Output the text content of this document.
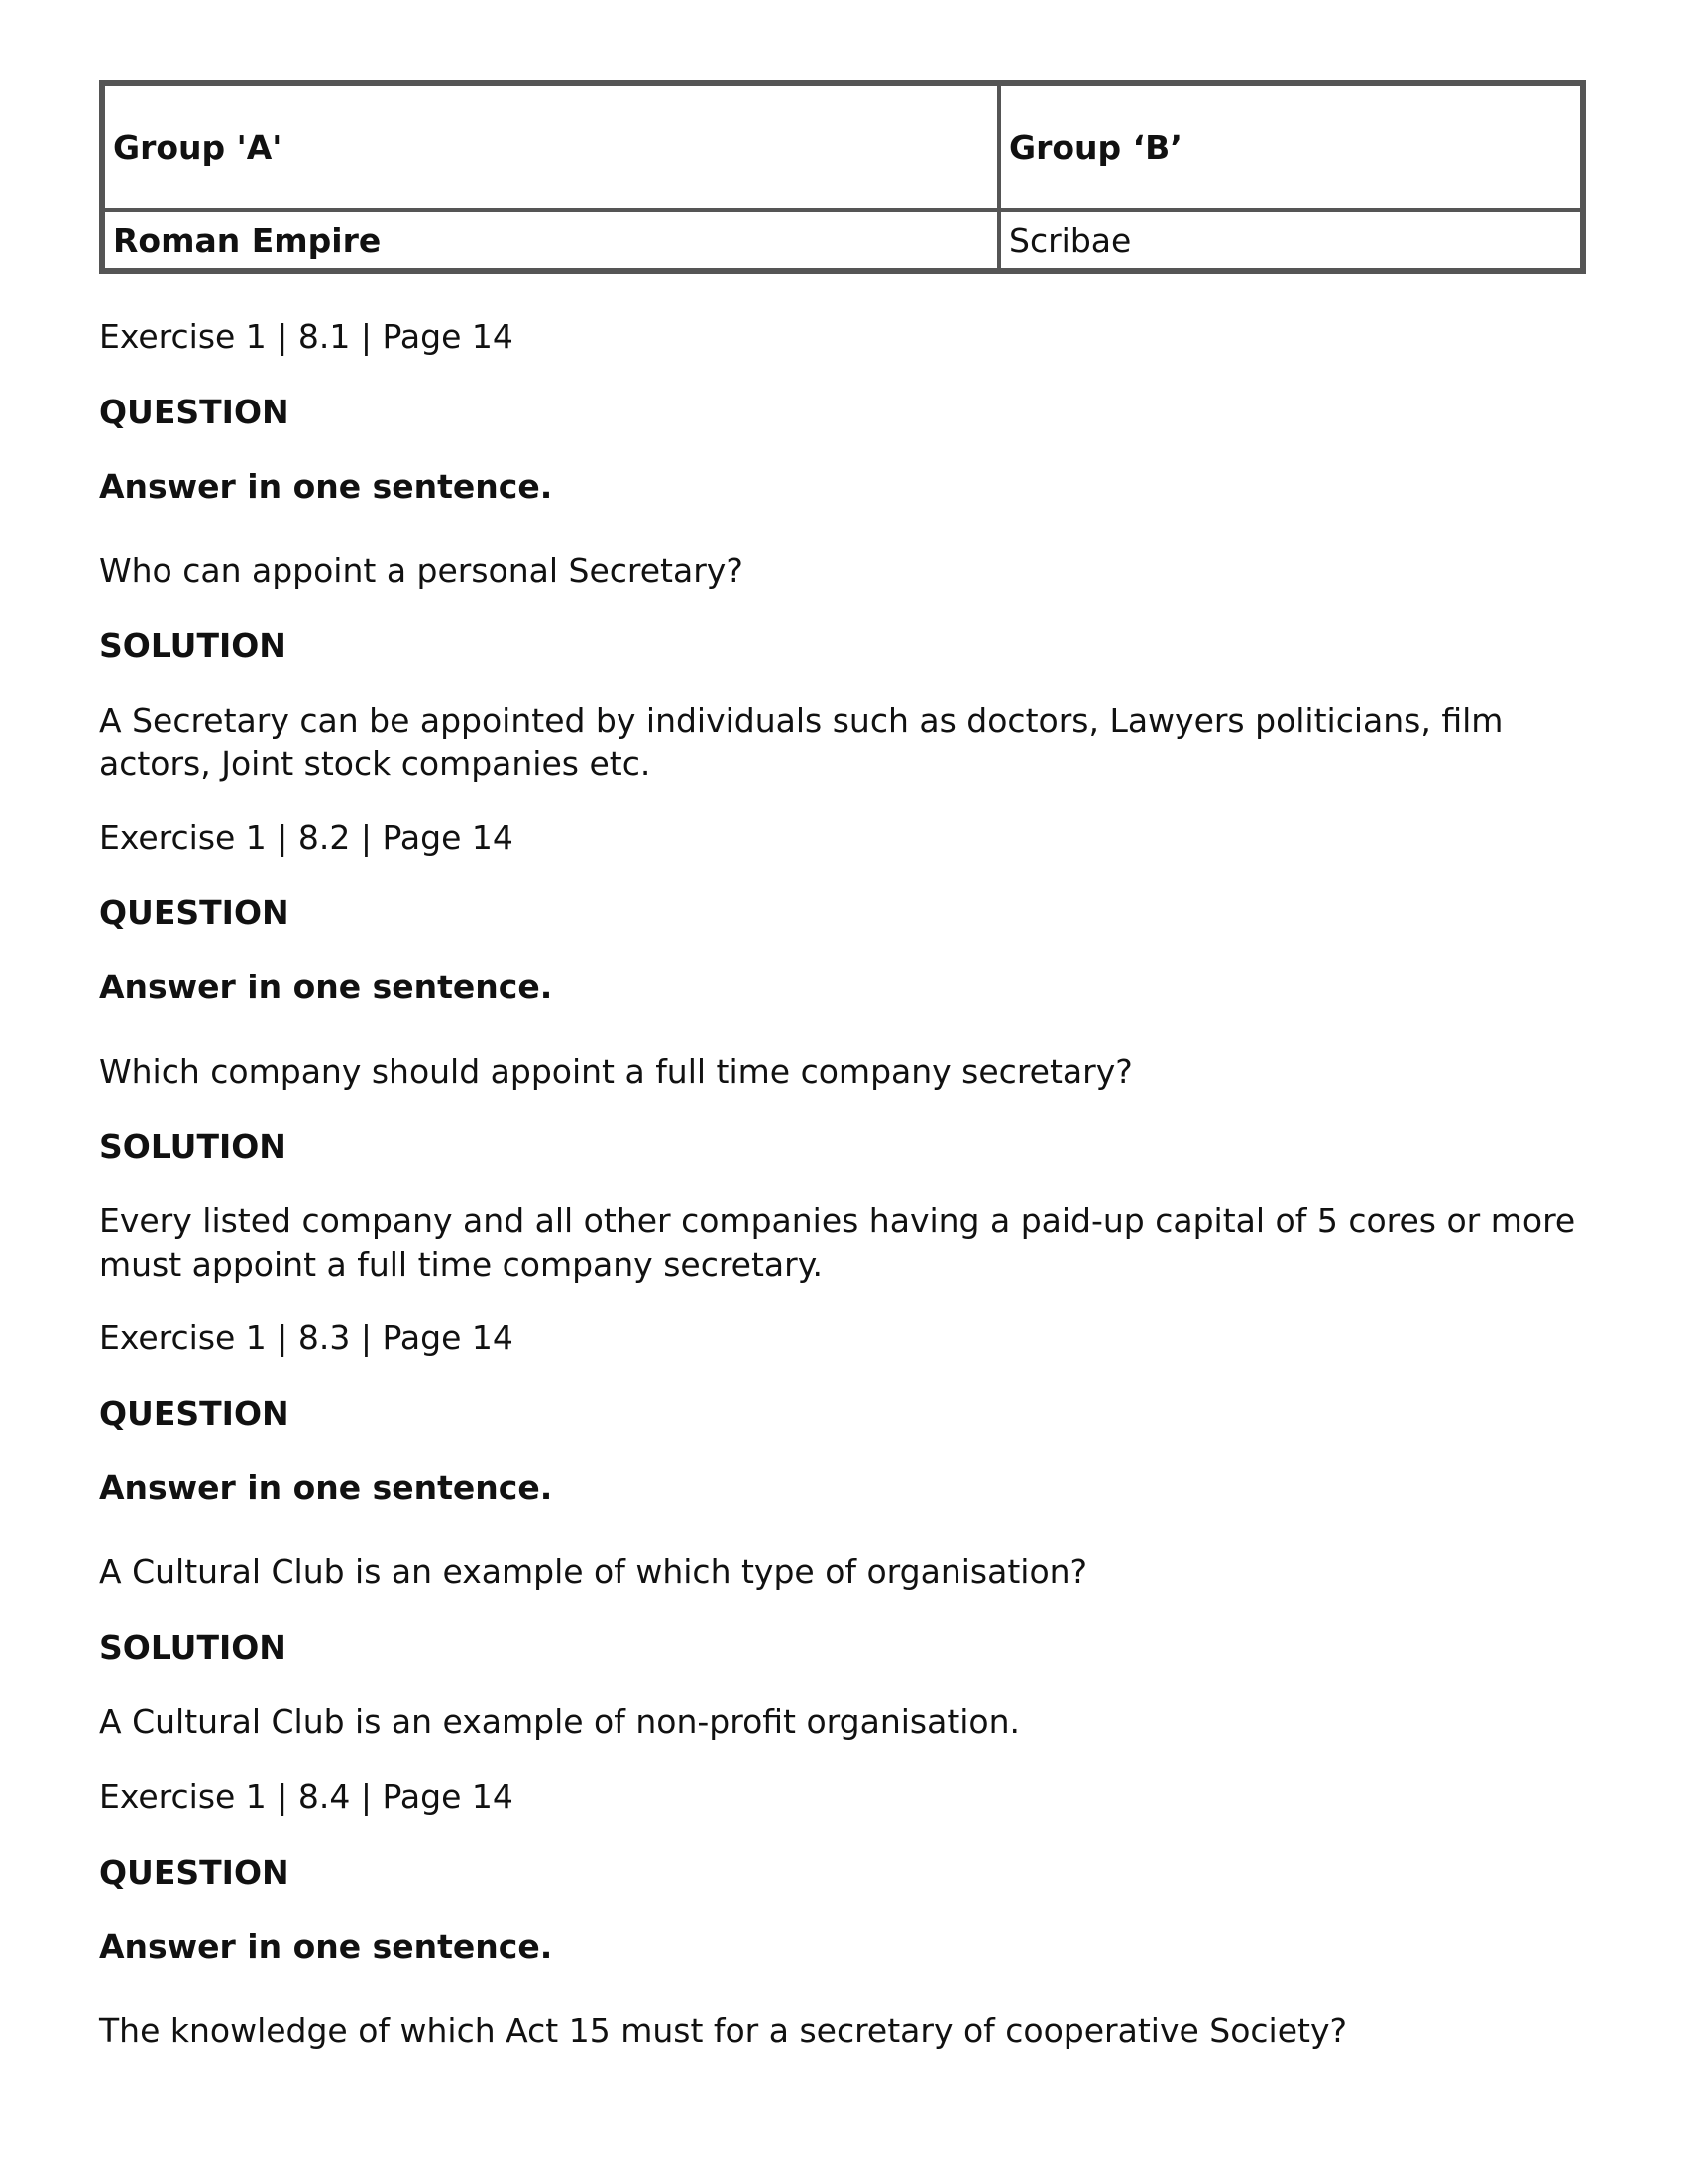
Group 'A'	Group ‘B’
Roman Empire	Scribae

Exercise 1 | 8.1 | Page 14

QUESTION

Answer in one sentence.

Who can appoint a personal Secretary?

SOLUTION

A Secretary can be appointed by individuals such as doctors, Lawyers politicians, film actors, Joint stock companies etc.

Exercise 1 | 8.2 | Page 14

QUESTION

Answer in one sentence.

Which company should appoint a full time company secretary?

SOLUTION

Every listed company and all other companies having a paid-up capital of 5 cores or more must appoint a full time company secretary.

Exercise 1 | 8.3 | Page 14

QUESTION

Answer in one sentence.

A Cultural Club is an example of which type of organisation?

SOLUTION

A Cultural Club is an example of non-profit organisation.

Exercise 1 | 8.4 | Page 14

QUESTION

Answer in one sentence.

The knowledge of which Act 15 must for a secretary of cooperative Society?
